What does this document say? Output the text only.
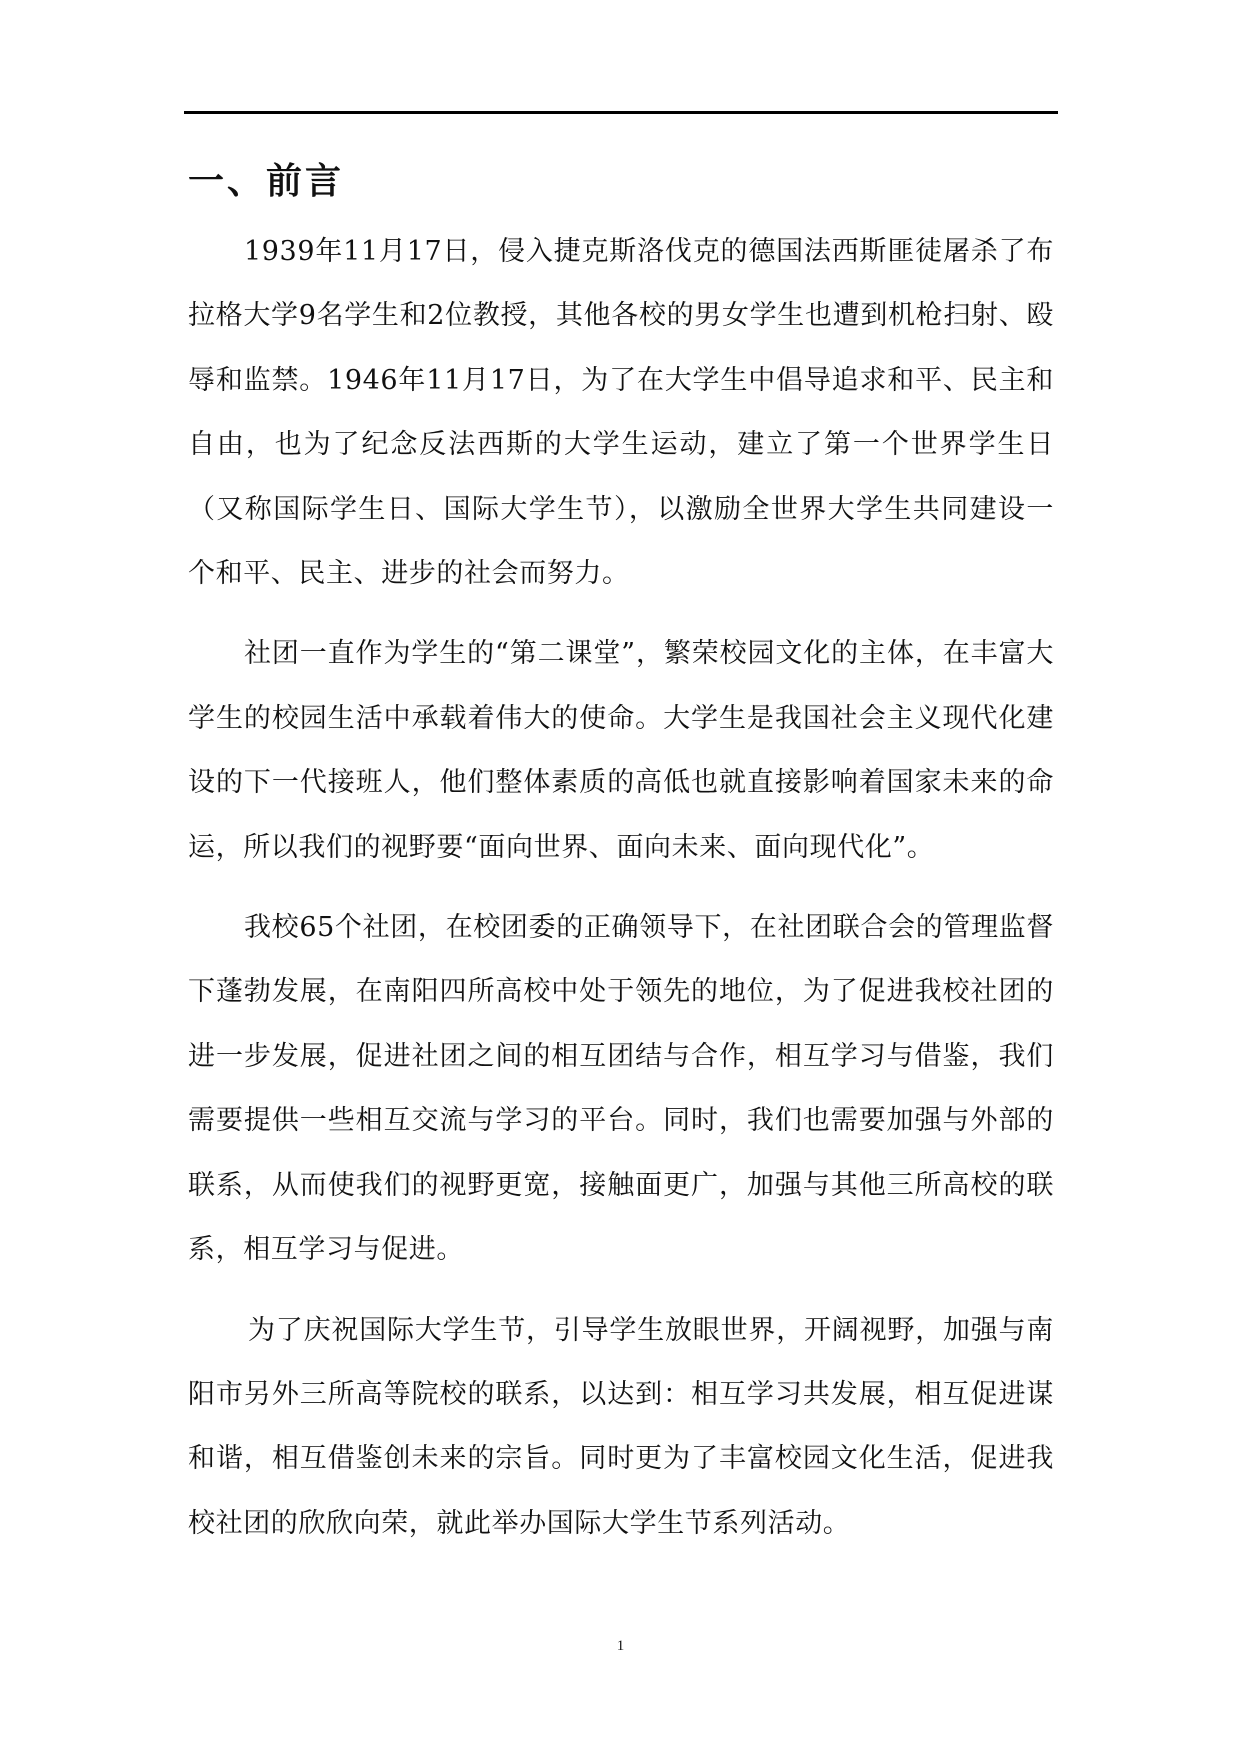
一、前言

1939年11月17日，侵入捷克斯洛伐克的德国法西斯匪徒屠杀了布拉格大学9名学生和2位教授，其他各校的男女学生也遭到机枪扫射、殴辱和监禁。1946年11月17日，为了在大学生中倡导追求和平、民主和自由，也为了纪念反法西斯的大学生运动，建立了第一个世界学生日（又称国际学生日、国际大学生节），以激励全世界大学生共同建设一个和平、民主、进步的社会而努力。

社团一直作为学生的“第二课堂”，繁荣校园文化的主体，在丰富大学生的校园生活中承载着伟大的使命。大学生是我国社会主义现代化建设的下一代接班人，他们整体素质的高低也就直接影响着国家未来的命运，所以我们的视野要“面向世界、面向未来、面向现代化”。

我校65个社团，在校团委的正确领导下，在社团联合会的管理监督下蓬勃发展，在南阳四所高校中处于领先的地位，为了促进我校社团的进一步发展，促进社团之间的相互团结与合作，相互学习与借鉴，我们需要提供一些相互交流与学习的平台。同时，我们也需要加强与外部的联系，从而使我们的视野更宽，接触面更广，加强与其他三所高校的联系，相互学习与促进。

为了庆祝国际大学生节，引导学生放眼世界，开阔视野，加强与南阳市另外三所高等院校的联系，以达到：相互学习共发展，相互促进谋和谐，相互借鉴创未来的宗旨。同时更为了丰富校园文化生活，促进我校社团的欣欣向荣，就此举办国际大学生节系列活动。

1
